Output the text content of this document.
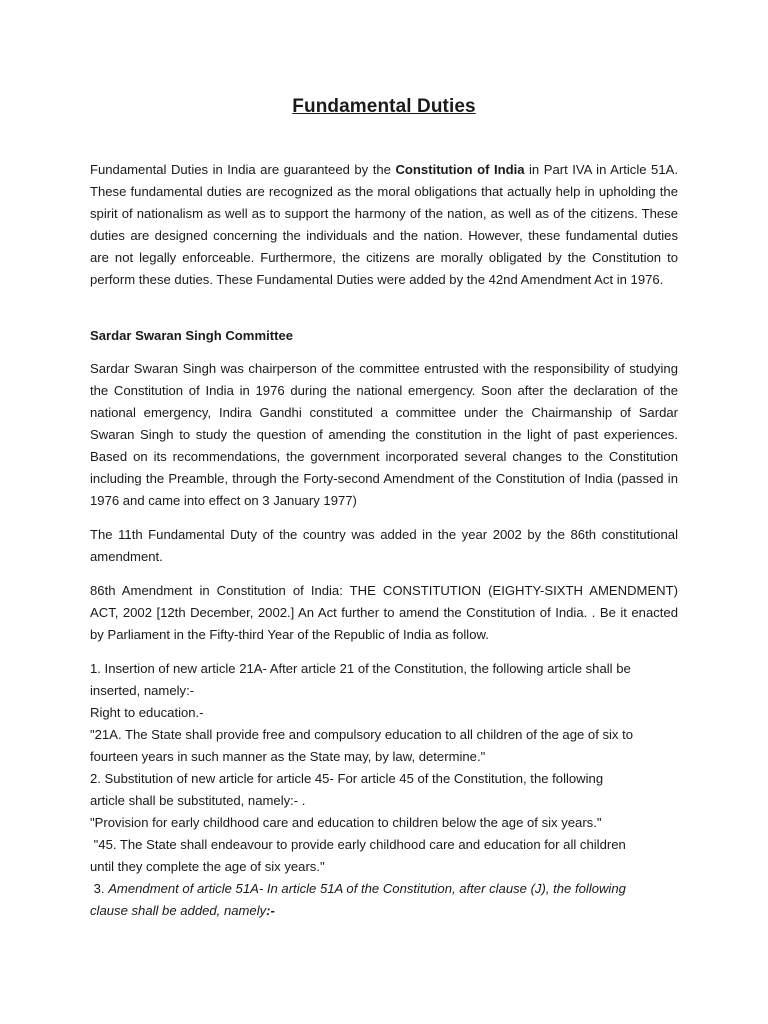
Fundamental Duties

Fundamental Duties in India are guaranteed by the Constitution of India in Part IVA in Article 51A. These fundamental duties are recognized as the moral obligations that actually help in upholding the spirit of nationalism as well as to support the harmony of the nation, as well as of the citizens. These duties are designed concerning the individuals and the nation. However, these fundamental duties are not legally enforceable. Furthermore, the citizens are morally obligated by the Constitution to perform these duties. These Fundamental Duties were added by the 42nd Amendment Act in 1976.

Sardar Swaran Singh Committee

Sardar Swaran Singh was chairperson of the committee entrusted with the responsibility of studying the Constitution of India in 1976 during the national emergency. Soon after the declaration of the national emergency, Indira Gandhi constituted a committee under the Chairmanship of Sardar Swaran Singh to study the question of amending the constitution in the light of past experiences. Based on its recommendations, the government incorporated several changes to the Constitution including the Preamble, through the Forty-second Amendment of the Constitution of India (passed in 1976 and came into effect on 3 January 1977)

The 11th Fundamental Duty of the country was added in the year 2002 by the 86th constitutional amendment.

86th Amendment in Constitution of India: THE CONSTITUTION (EIGHTY-SIXTH AMENDMENT) ACT, 2002 [12th December, 2002.] An Act further to amend the Constitution of India. . Be it enacted by Parliament in the Fifty-third Year of the Republic of India as follow.

1. Insertion of new article 21A- After article 21 of the Constitution, the following article shall be
inserted, namely:-
Right to education.-
"21A. The State shall provide free and compulsory education to all children of the age of six to
fourteen years in such manner as the State may, by law, determine."
2. Substitution of new article for article 45- For article 45 of the Constitution, the following
article shall be substituted, namely:- .
"Provision for early childhood care and education to children below the age of six years."
"45. The State shall endeavour to provide early childhood care and education for all children
until they complete the age of six years."
3. Amendment of article 51A- In article 51A of the Constitution, after clause (J), the following
clause shall be added, namely:-
